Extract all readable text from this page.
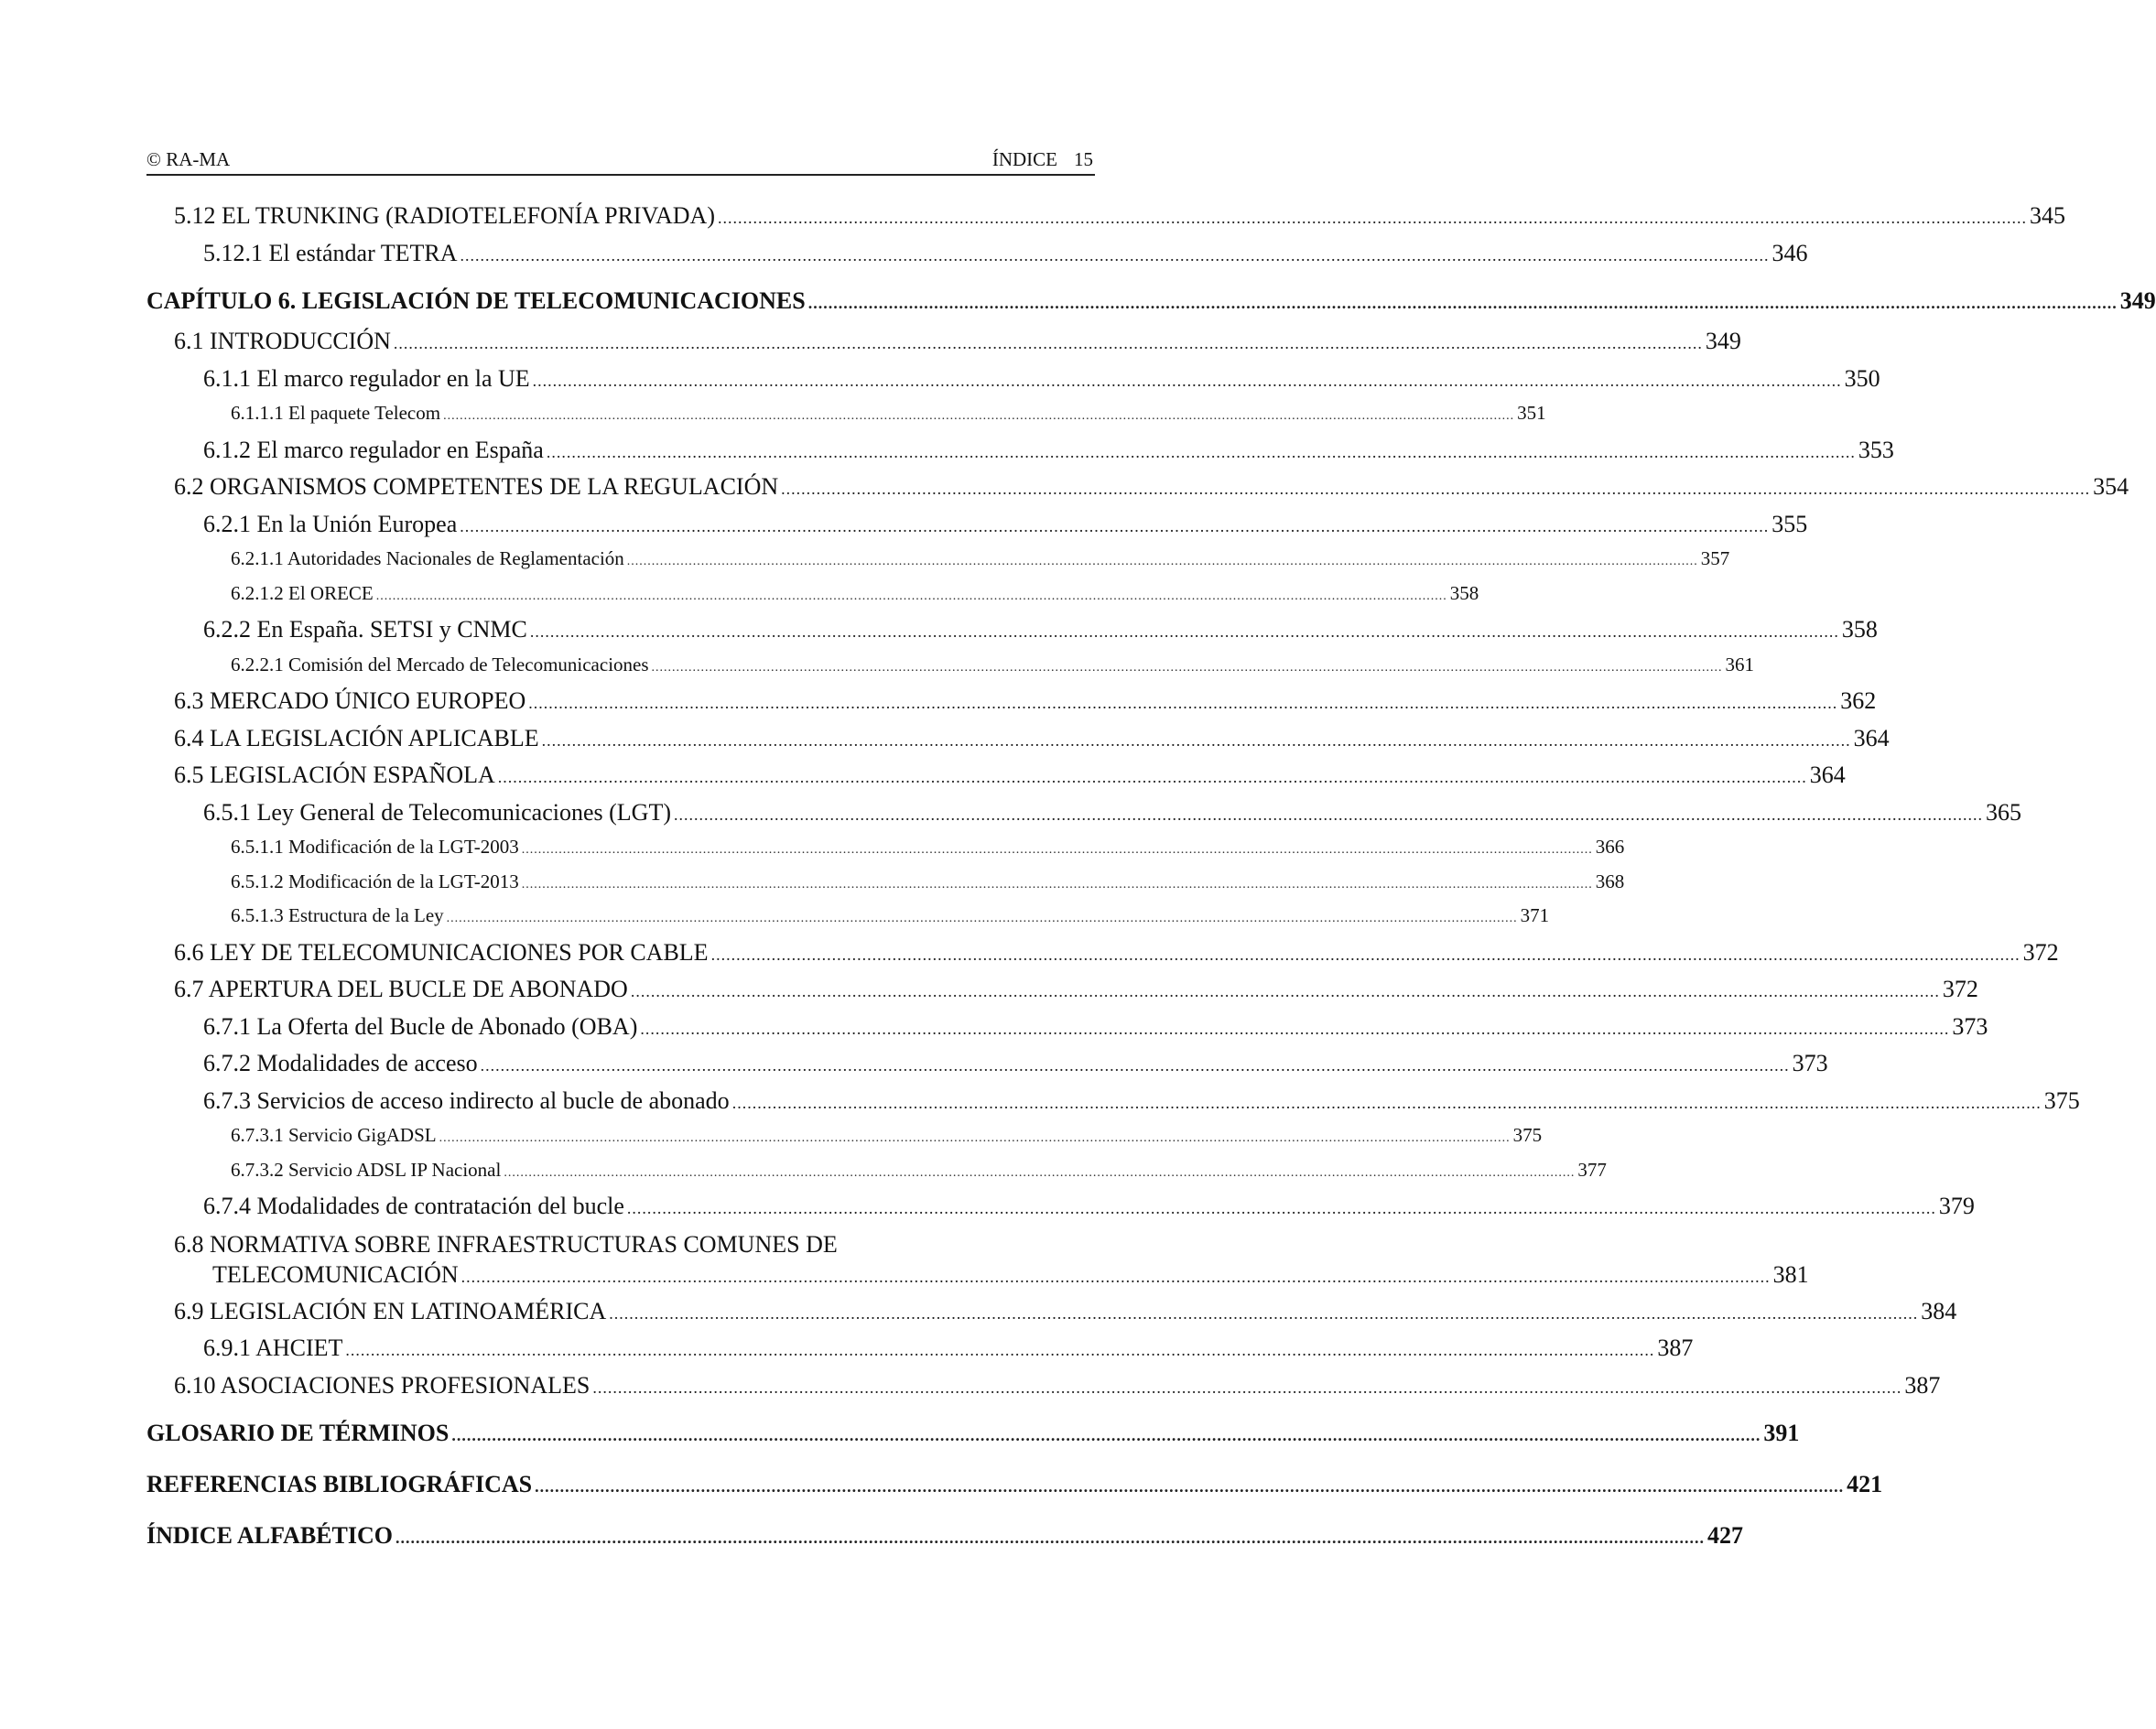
© RA-MA	ÍNDICE 15
5.12 EL TRUNKING (RADIOTELEFONÍA PRIVADA) .................................................................................................................................................................................................................................................................... 345
5.12.1 El estándar TETRA .................................................................................................................................................................................................................................................................... 346
CAPÍTULO 6. LEGISLACIÓN DE TELECOMUNICACIONES .................................................................................................................................................................................................................................................................... 349
6.1 INTRODUCCIÓN .................................................................................................................................................................................................................................................................... 349
6.1.1 El marco regulador en la UE .................................................................................................................................................................................................................................................................... 350
6.1.1.1 El paquete Telecom .................................................................................................................................................................................................................................................................... 351
6.1.2 El marco regulador en España .................................................................................................................................................................................................................................................................... 353
6.2 ORGANISMOS COMPETENTES DE LA REGULACIÓN .................................................................................................................................................................................................................................................................... 354
6.2.1 En la Unión Europea .................................................................................................................................................................................................................................................................... 355
6.2.1.1 Autoridades Nacionales de Reglamentación .................................................................................................................................................................................................................................................................... 357
6.2.1.2 El ORECE .................................................................................................................................................................................................................................................................... 358
6.2.2 En España. SETSI y CNMC .................................................................................................................................................................................................................................................................... 358
6.2.2.1 Comisión del Mercado de Telecomunicaciones .................................................................................................................................................................................................................................................................... 361
6.3 MERCADO ÚNICO EUROPEO .................................................................................................................................................................................................................................................................... 362
6.4 LA LEGISLACIÓN APLICABLE .................................................................................................................................................................................................................................................................... 364
6.5 LEGISLACIÓN ESPAÑOLA .................................................................................................................................................................................................................................................................... 364
6.5.1 Ley General de Telecomunicaciones (LGT) .................................................................................................................................................................................................................................................................... 365
6.5.1.1 Modificación de la LGT-2003 .................................................................................................................................................................................................................................................................... 366
6.5.1.2 Modificación de la LGT-2013 .................................................................................................................................................................................................................................................................... 368
6.5.1.3 Estructura de la Ley .................................................................................................................................................................................................................................................................... 371
6.6 LEY DE TELECOMUNICACIONES POR CABLE .................................................................................................................................................................................................................................................................... 372
6.7 APERTURA DEL BUCLE DE ABONADO .................................................................................................................................................................................................................................................................... 372
6.7.1 La Oferta del Bucle de Abonado (OBA) .................................................................................................................................................................................................................................................................... 373
6.7.2 Modalidades de acceso .................................................................................................................................................................................................................................................................... 373
6.7.3 Servicios de acceso indirecto al bucle de abonado .................................................................................................................................................................................................................................................................... 375
6.7.3.1 Servicio GigADSL .................................................................................................................................................................................................................................................................... 375
6.7.3.2 Servicio ADSL IP Nacional .................................................................................................................................................................................................................................................................... 377
6.7.4 Modalidades de contratación del bucle .................................................................................................................................................................................................................................................................... 379
6.8 NORMATIVA SOBRE INFRAESTRUCTURAS COMUNES DE
TELECOMUNICACIÓN .................................................................................................................................................................................................................................................................... 381
6.9 LEGISLACIÓN EN LATINOAMÉRICA .................................................................................................................................................................................................................................................................... 384
6.9.1 AHCIET .................................................................................................................................................................................................................................................................... 387
6.10 ASOCIACIONES PROFESIONALES .................................................................................................................................................................................................................................................................... 387
GLOSARIO DE TÉRMINOS .................................................................................................................................................................................................................................................................... 391
REFERENCIAS BIBLIOGRÁFICAS .................................................................................................................................................................................................................................................................... 421
ÍNDICE ALFABÉTICO .................................................................................................................................................................................................................................................................... 427
